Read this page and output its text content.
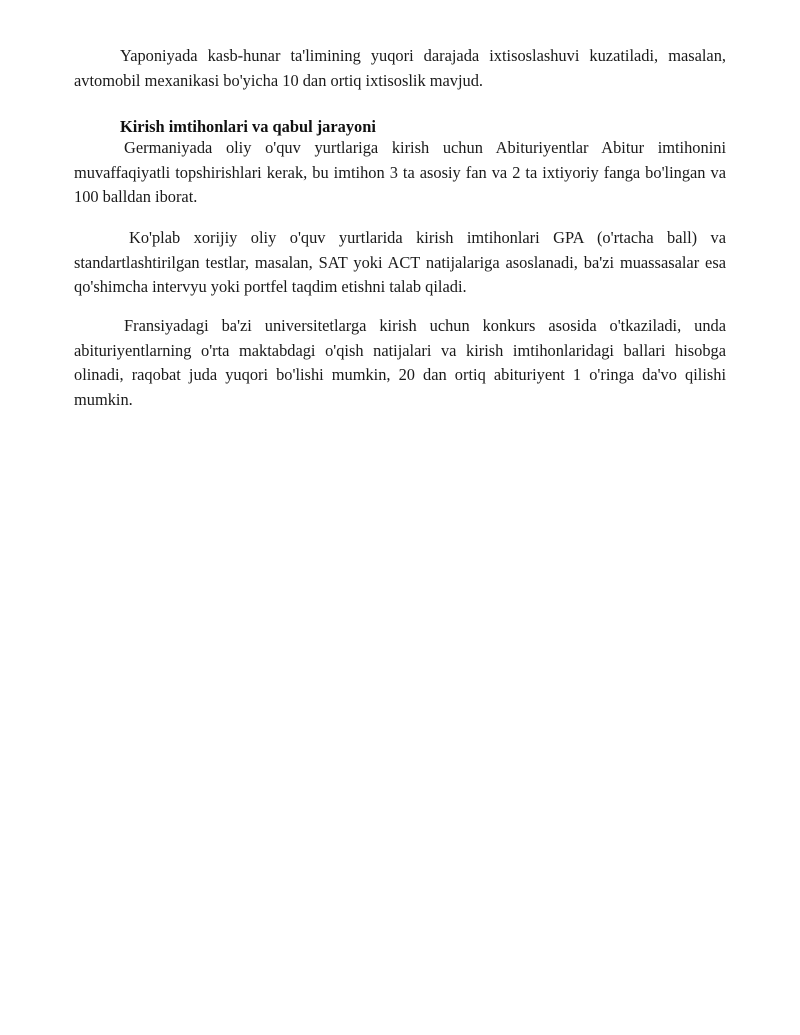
Yaponiyada kasb-hunar ta'limining yuqori darajada ixtisoslashuvi kuzatiladi, masalan, avtomobil mexanikasi bo'yicha 10 dan ortiq ixtisoslik mavjud.

Kirish imtihonlari va qabul jarayoni

Germaniyada oliy o'quv yurtlariga kirish uchun Abituriyentlar Abitur imtihonini muvaffaqiyatli topshirishlari kerak, bu imtihon 3 ta asosiy fan va 2 ta ixtiyoriy fanga bo'lingan va 100 balldan iborat.

Ko'plab xorijiy oliy o'quv yurtlarida kirish imtihonlari GPA (o'rtacha ball) va standartlashtirilgan testlar, masalan, SAT yoki ACT natijalariga asoslanadi, ba'zi muassasalar esa qo'shimcha intervyu yoki portfel taqdim etishni talab qiladi.

Fransiyadagi ba'zi universitetlarga kirish uchun konkurs asosida o'tkaziladi, unda abituriyentlarning o'rta maktabdagi o'qish natijalari va kirish imtihonlaridagi ballari hisobga olinadi, raqobat juda yuqori bo'lishi mumkin, 20 dan ortiq abituriyent 1 o'ringa da'vo qilishi mumkin.
